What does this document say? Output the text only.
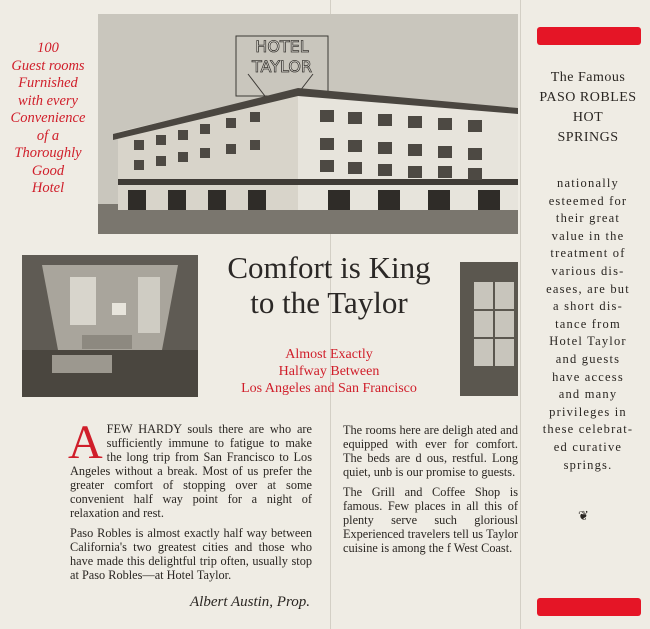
100
Guest rooms
Furnished
with every
Convenience
of a
Thoroughly
Good
Hotel
HOTEL
TAYLOR
Comfort is King
to the Taylor
Almost Exactly
Halfway Between
Los Angeles and San Francisco

AFEW HARDY souls there are who are sufficiently immune to fatigue to make the long trip from San Francisco to Los Angeles without a break. Most of us prefer the greater comfort of stopping over at some convenient half way point for a night of relaxation and rest.

Paso Robles is almost exactly half way between California's two greatest cities and those who have made this delightful trip often, usually stop at Paso Robles—at Hotel Taylor.

The rooms here are deligh ated and equipped with ever for comfort. The beds are d ous, restful. Long quiet, unb is our promise to guests.

The Grill and Coffee Shop is famous. Few places in all this of plenty serve such gloriousl Experienced travelers tell us Taylor cuisine is among the f West Coast.

Albert Austin, Prop.
The Famous
PASO ROBLES
HOT
SPRINGS
nationally
esteemed for
their great
value in the
treatment of
various dis-
eases, are but
a short dis-
tance from
Hotel Taylor
and guests
have access
and many
privileges in
these celebrat-
ed curative
springs.
❦
